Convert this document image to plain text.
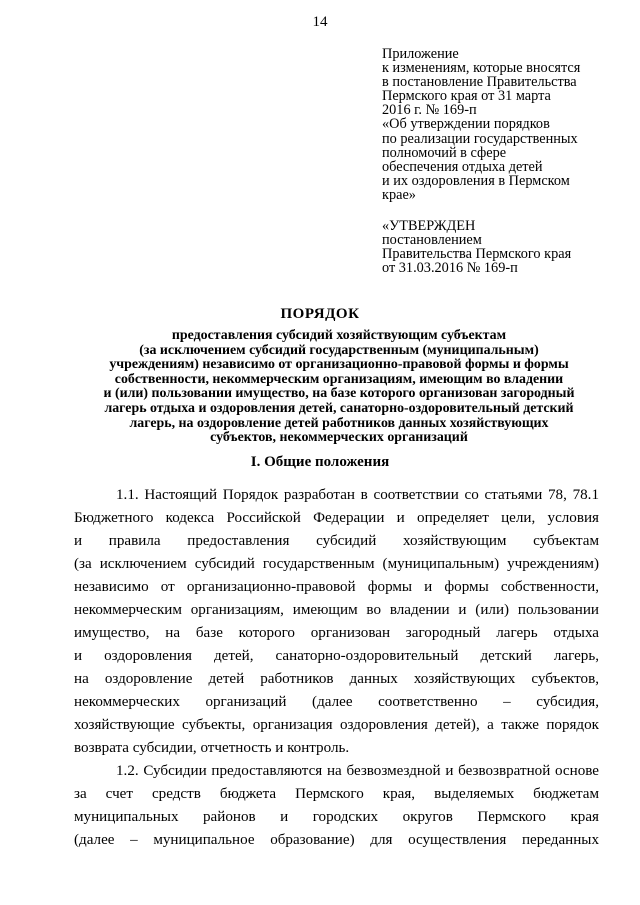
14
Приложение
к изменениям, которые вносятся
в постановление Правительства
Пермского края от 31 марта
2016 г. № 169-п
«Об утверждении порядков
по реализации государственных
полномочий в сфере
обеспечения отдыха детей
и их оздоровления в Пермском
крае»
«УТВЕРЖДЕН
постановлением
Правительства Пермского края
от 31.03.2016 № 169-п
ПОРЯДОК
предоставления субсидий хозяйствующим субъектам
(за исключением субсидий государственным (муниципальным)
учреждениям) независимо от организационно-правовой формы и формы
собственности, некоммерческим организациям, имеющим во владении
и (или) пользовании имущество, на базе которого организован загородный
лагерь отдыха и оздоровления детей, санаторно-оздоровительный детский
лагерь, на оздоровление детей работников данных хозяйствующих
субъектов, некоммерческих организаций
I. Общие положения
1.1. Настоящий Порядок разработан в соответствии со статьями 78, 78.1
Бюджетного кодекса Российской Федерации и определяет цели, условия
и правила предоставления субсидий хозяйствующим субъектам
(за исключением субсидий государственным (муниципальным) учреждениям)
независимо от организационно-правовой формы и формы собственности,
некоммерческим организациям, имеющим во владении и (или) пользовании
имущество, на базе которого организован загородный лагерь отдыха
и оздоровления детей, санаторно-оздоровительный детский лагерь,
на оздоровление детей работников данных хозяйствующих субъектов,
некоммерческих организаций (далее соответственно – субсидия,
хозяйствующие субъекты, организация оздоровления детей), а также порядок
возврата субсидии, отчетность и контроль.
1.2. Субсидии предоставляются на безвозмездной и безвозвратной основе
за счет средств бюджета Пермского края, выделяемых бюджетам
муниципальных районов и городских округов Пермского края
(далее – муниципальное образование) для осуществления переданных
